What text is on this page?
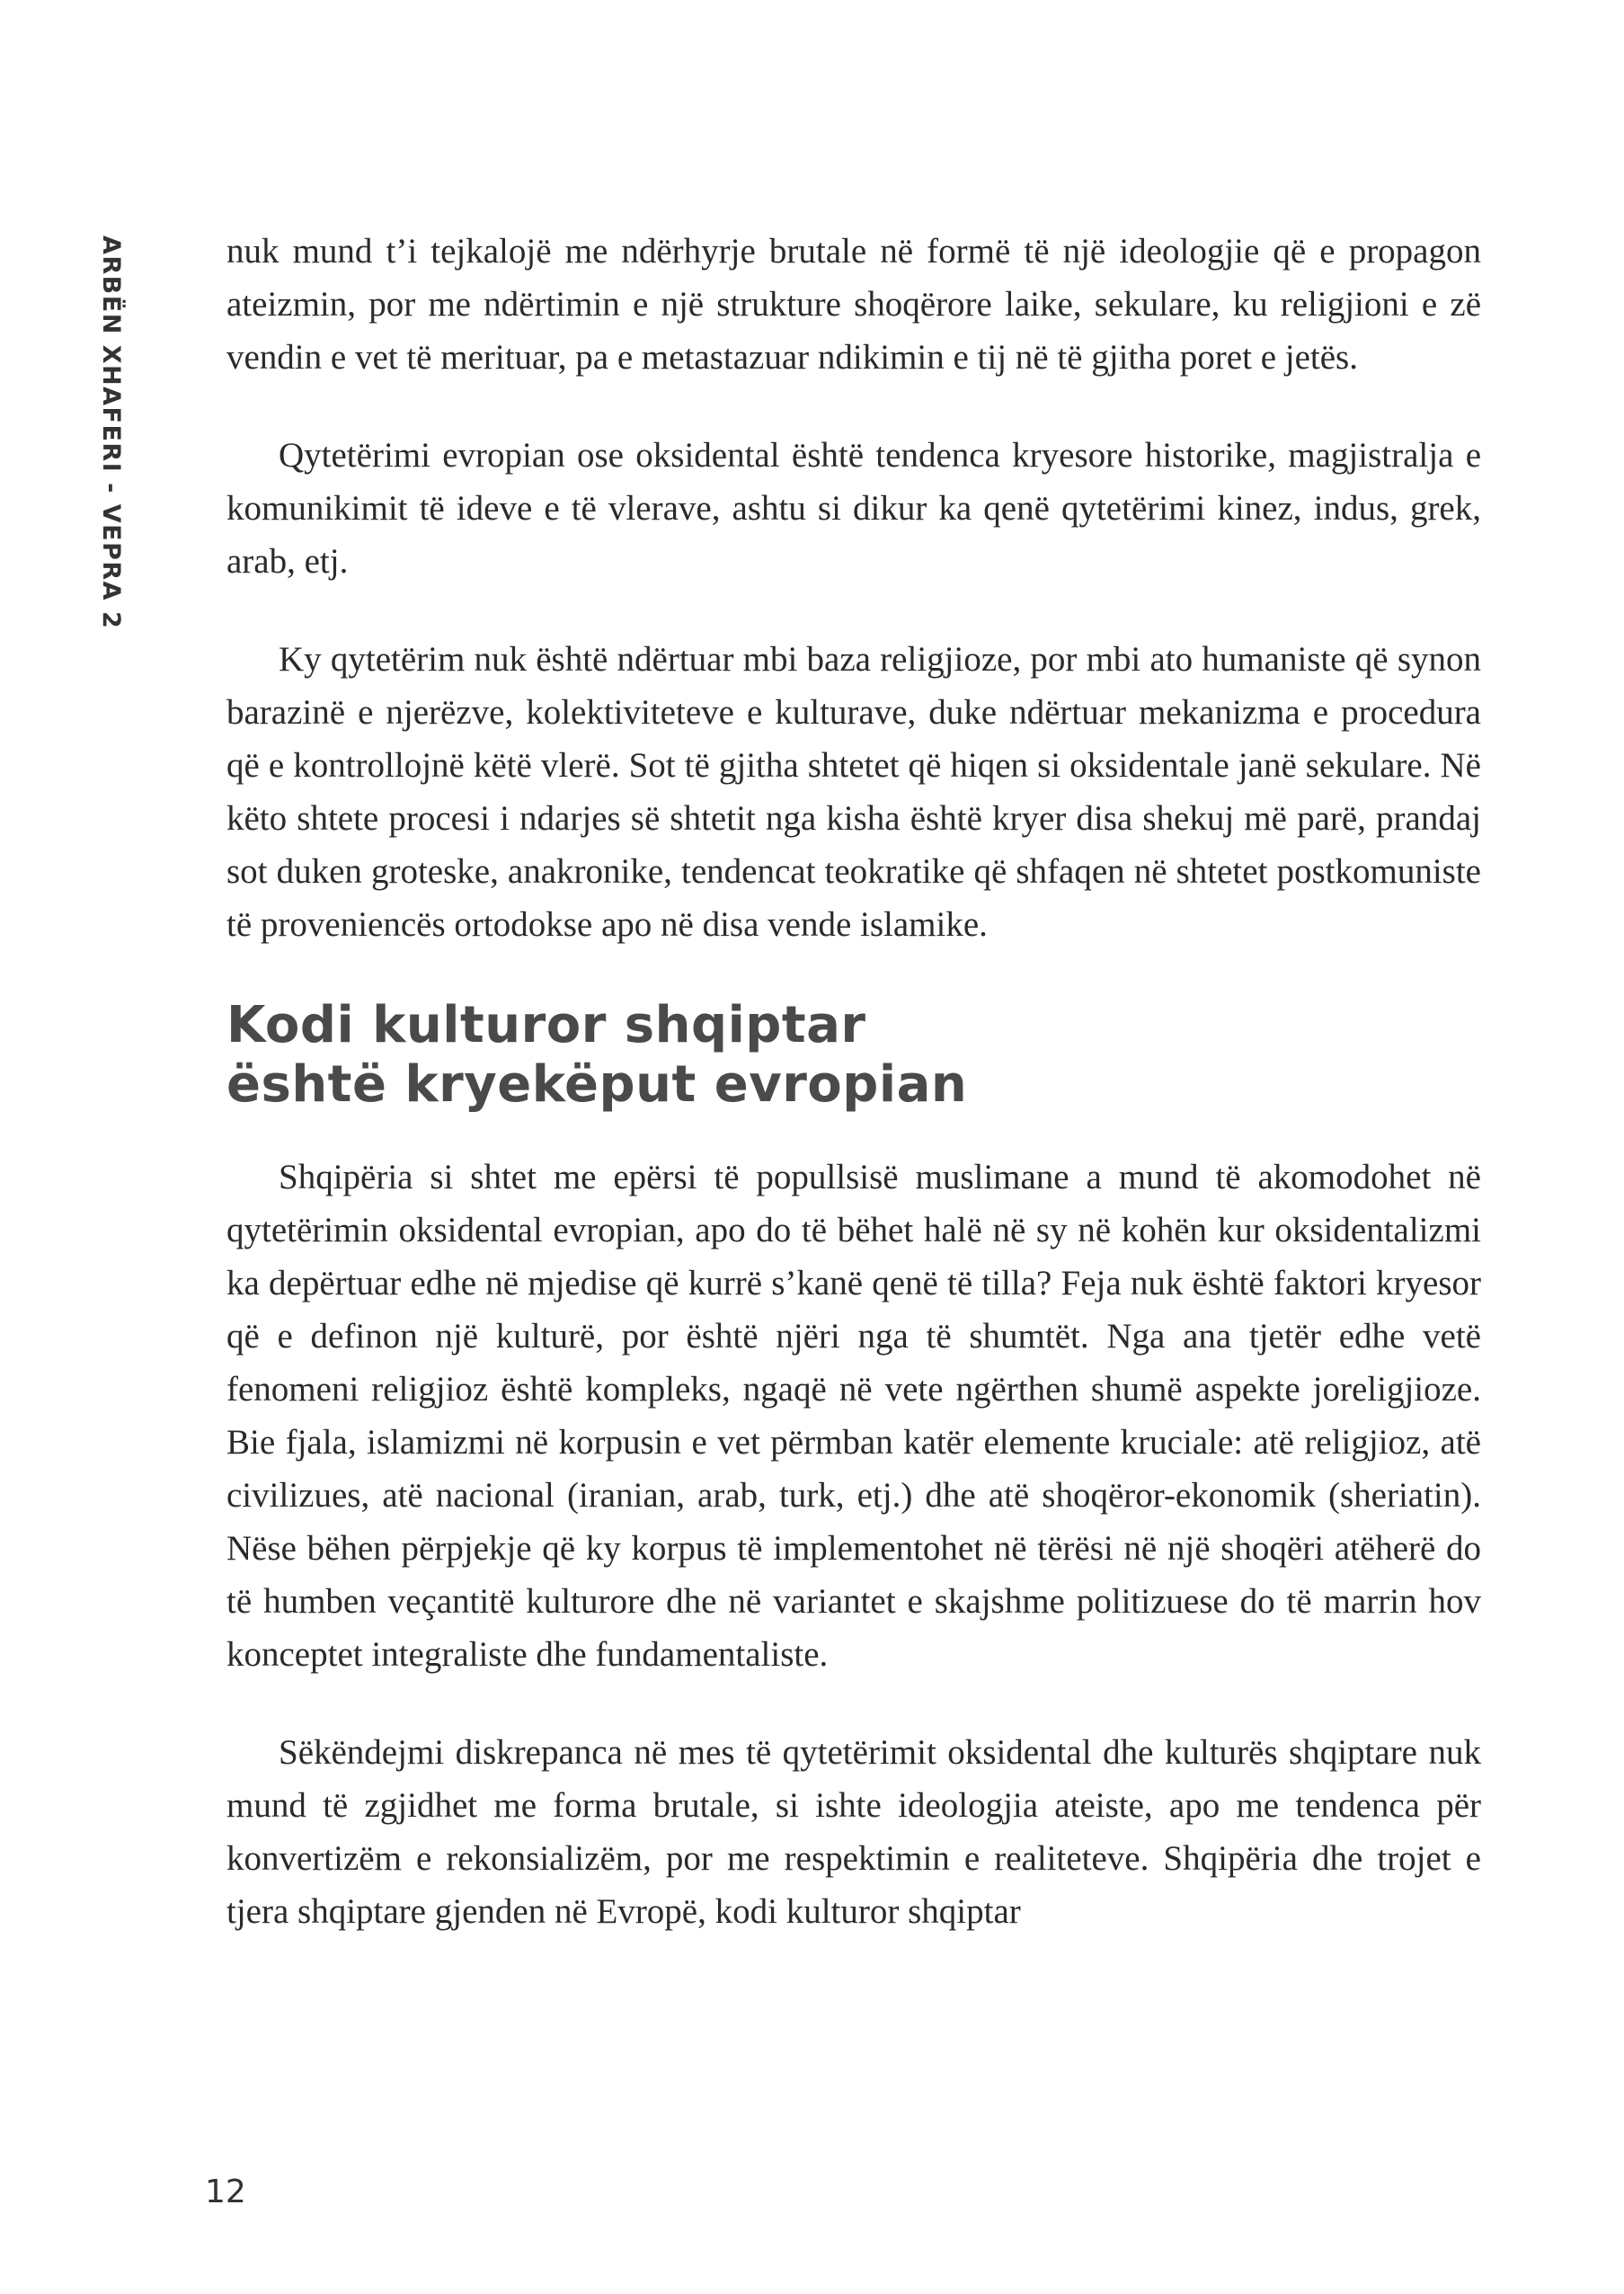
ARBËN XHAFERI - VEPRA 2	nuk mund t’i tejkalojë me ndërhyrje brutale në formë të një ideologjie që e propagon ateizmin, por me ndërtimin e një strukture shoqërore laike, sekulare, ku religjioni e zë vendin e vet të merituar, pa e metastazuar ndikimin e tij në të gjitha poret e jetës.

Qytetërimi evropian ose oksidental është tendenca kryesore historike, magjistralja e komunikimit të ideve e të vlerave, ashtu si dikur ka qenë qytetërimi kinez, indus, grek, arab, etj.

Ky qytetërim nuk është ndërtuar mbi baza religjioze, por mbi ato humaniste që synon barazinë e njerëzve, kolektiviteteve e kulturave, duke ndërtuar mekanizma e procedura që e kontrollojnë këtë vlerë. Sot të gjitha shtetet që hiqen si oksidentale janë sekulare. Në këto shtete procesi i ndarjes së shtetit nga kisha është kryer disa shekuj më parë, prandaj sot duken groteske, anakronike, tendencat teokratike që shfaqen në shtetet postkomuniste të proveniencës ortodokse apo në disa vende islamike.

Kodi kulturor shqiptar
është kryekëput evropian

Shqipëria si shtet me epërsi të popullsisë muslimane a mund të akomodohet në qytetërimin oksidental evropian, apo do të bëhet halë në sy në kohën kur oksidentalizmi ka depërtuar edhe në mjedise që kurrë s’kanë qenë të tilla? Feja nuk është faktori kryesor që e definon një kulturë, por është njëri nga të shumtët. Nga ana tjetër edhe vetë fenomeni religjioz është kompleks, ngaqë në vete ngërthen shumë aspekte joreligjioze. Bie fjala, islamizmi në korpusin e vet përmban katër elemente kruciale: atë religjioz, atë civilizues, atë nacional (iranian, arab, turk, etj.) dhe atë shoqëror-ekonomik (sheriatin). Nëse bëhen përpjekje që ky korpus të implementohet në tërësi në një shoqëri atëherë do të humben veçantitë kulturore dhe në variantet e skajshme politizuese do të marrin hov konceptet integraliste dhe fundamentaliste.

Sëkëndejmi diskrepanca në mes të qytetërimit oksidental dhe kulturës shqiptare nuk mund të zgjidhet me forma brutale, si ishte ideologjia ateiste, apo me tendenca për konvertizëm e rekonsializëm, por me respektimin e realiteteve. Shqipëria dhe trojet e tjera shqiptare gjenden në Evropë, kodi kulturor shqiptar

12
